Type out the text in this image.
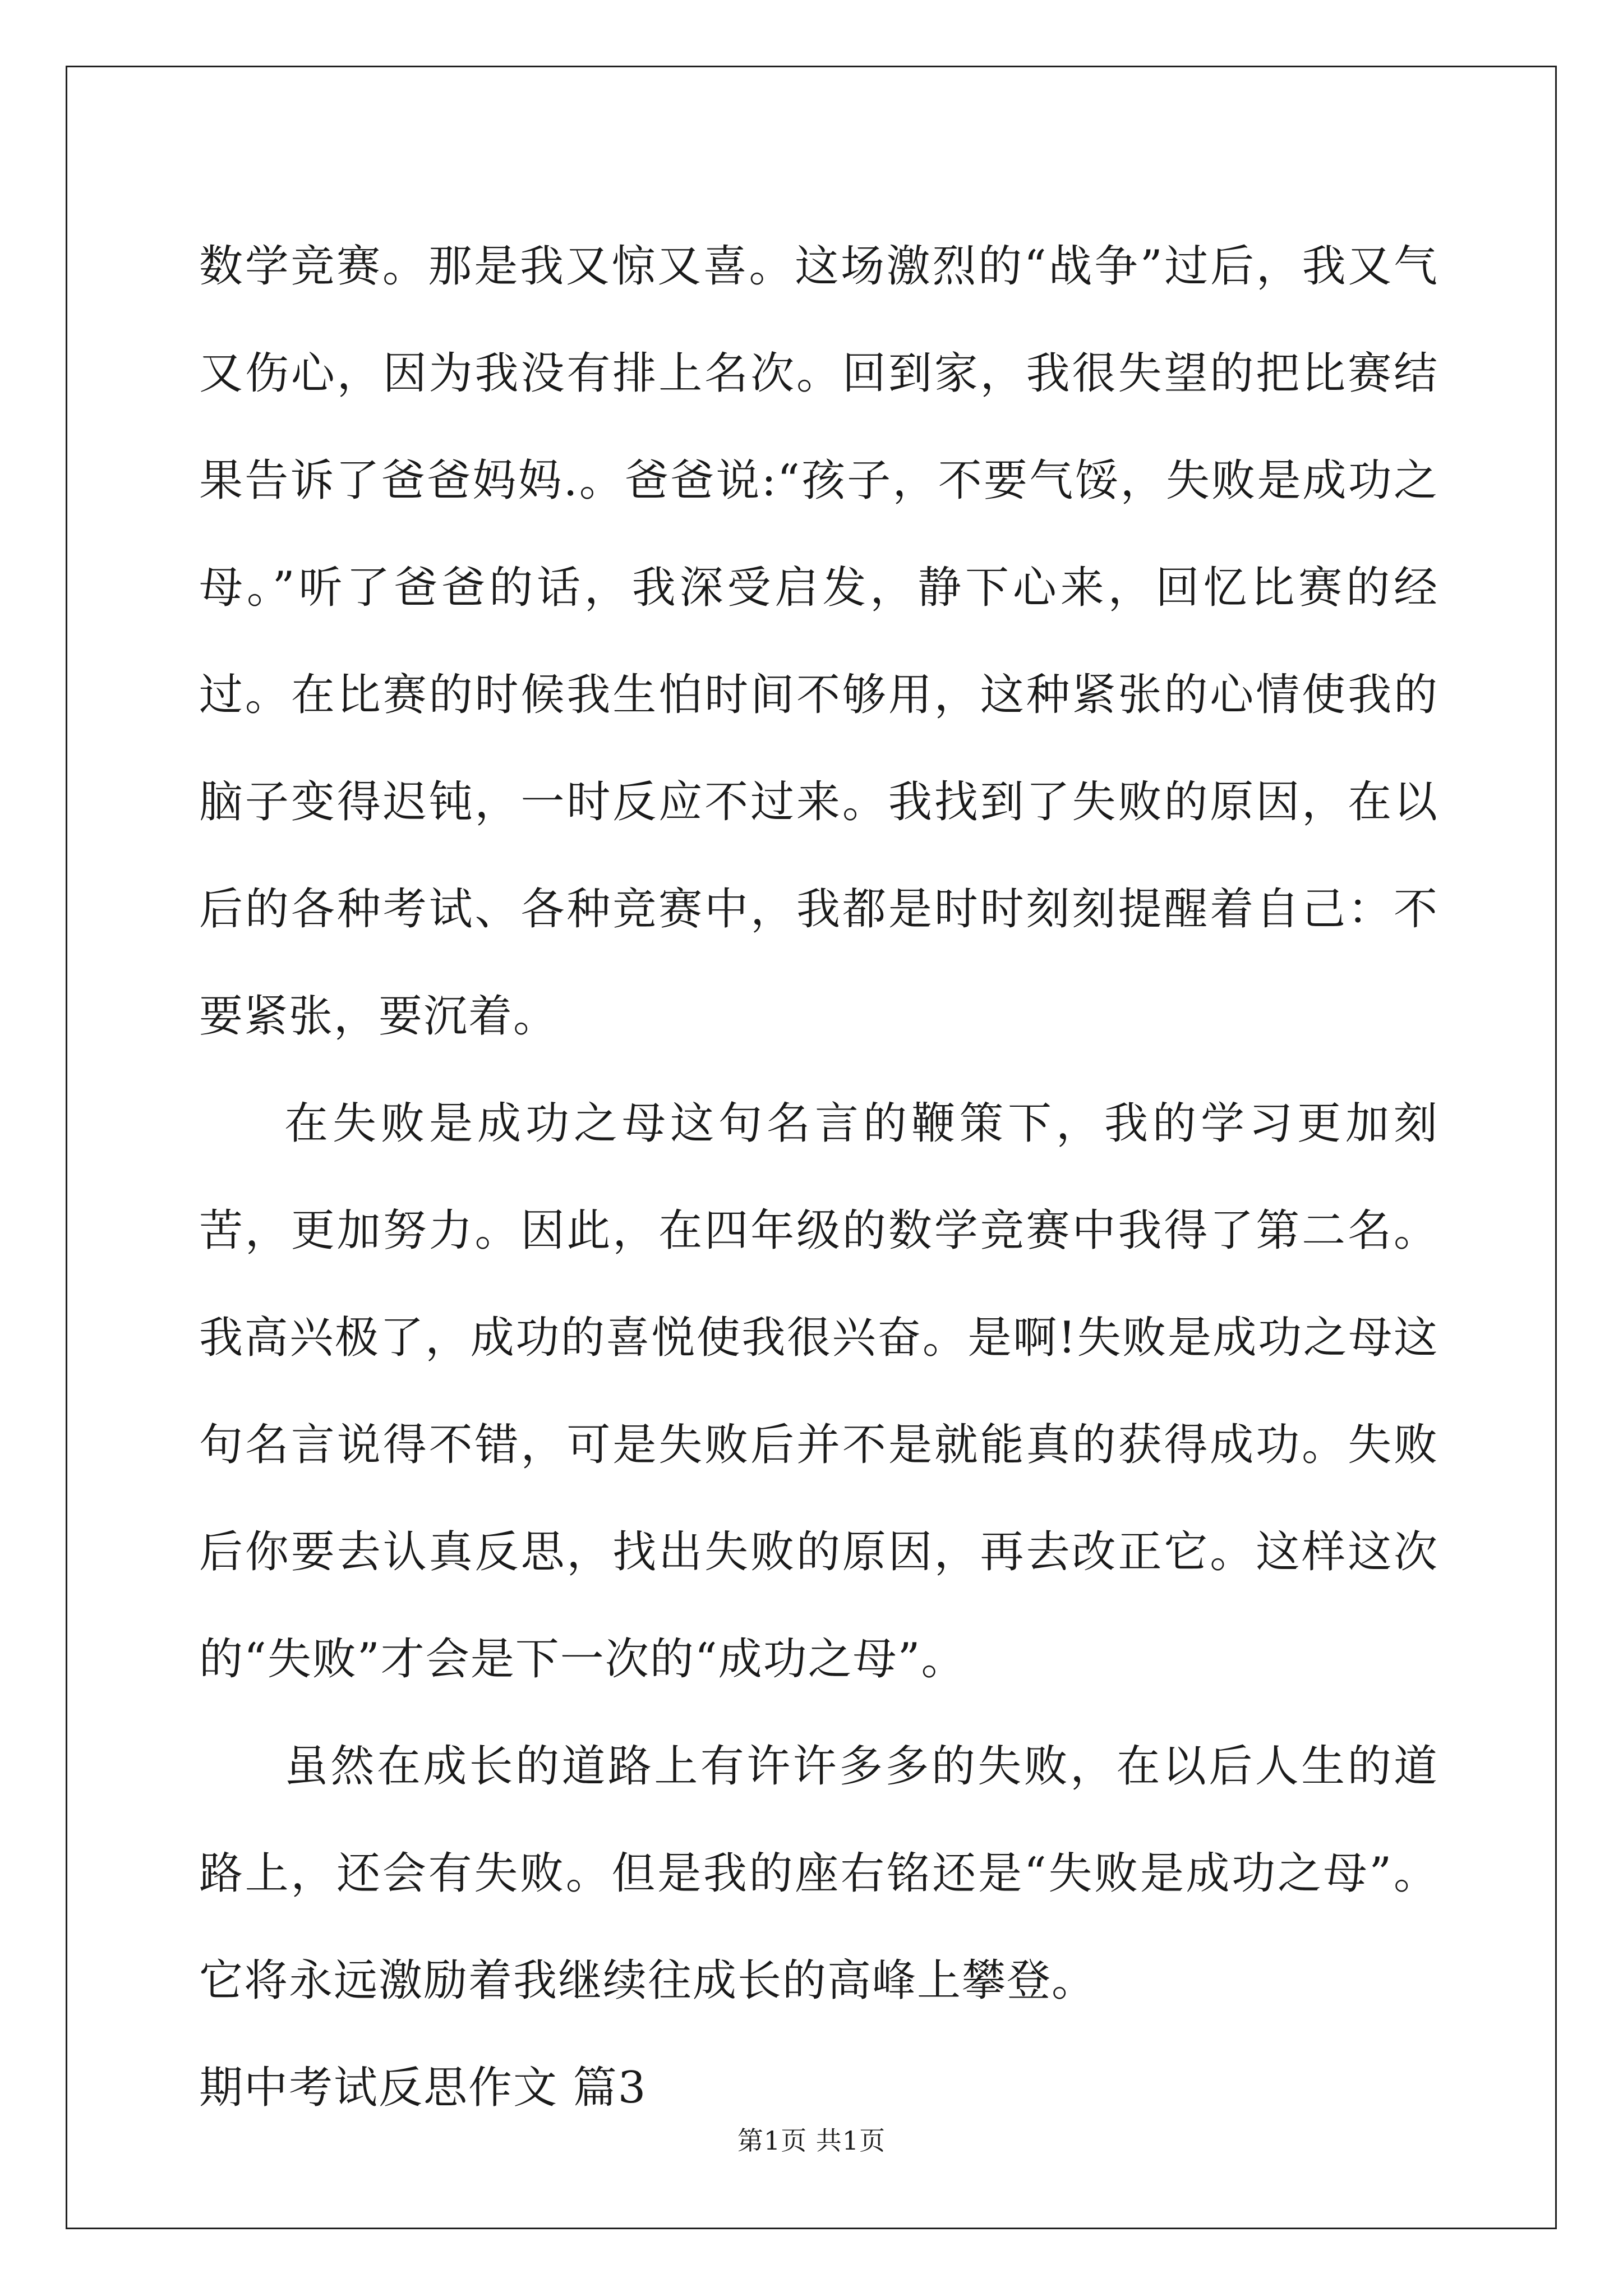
数学竞赛。那是我又惊又喜。这场激烈的“战争”过后，我又气又伤心，因为我没有排上名次。回到家，我很失望的把比赛结果告诉了爸爸妈妈.。爸爸说:“孩子，不要气馁，失败是成功之母。”听了爸爸的话，我深受启发，静下心来，回忆比赛的经过。在比赛的时候我生怕时间不够用，这种紧张的心情使我的脑子变得迟钝，一时反应不过来。我找到了失败的原因，在以后的各种考试、各种竞赛中，我都是时时刻刻提醒着自己：不要紧张，要沉着。

在失败是成功之母这句名言的鞭策下，我的学习更加刻苦，更加努力。因此，在四年级的数学竞赛中我得了第二名。我高兴极了，成功的喜悦使我很兴奋。是啊!失败是成功之母这句名言说得不错，可是失败后并不是就能真的获得成功。失败后你要去认真反思，找出失败的原因，再去改正它。这样这次的“失败”才会是下一次的“成功之母”。

虽然在成长的道路上有许许多多的失败，在以后人生的道路上，还会有失败。但是我的座右铭还是“失败是成功之母”。它将永远激励着我继续往成长的高峰上攀登。

期中考试反思作文 篇3

第1页 共1页
